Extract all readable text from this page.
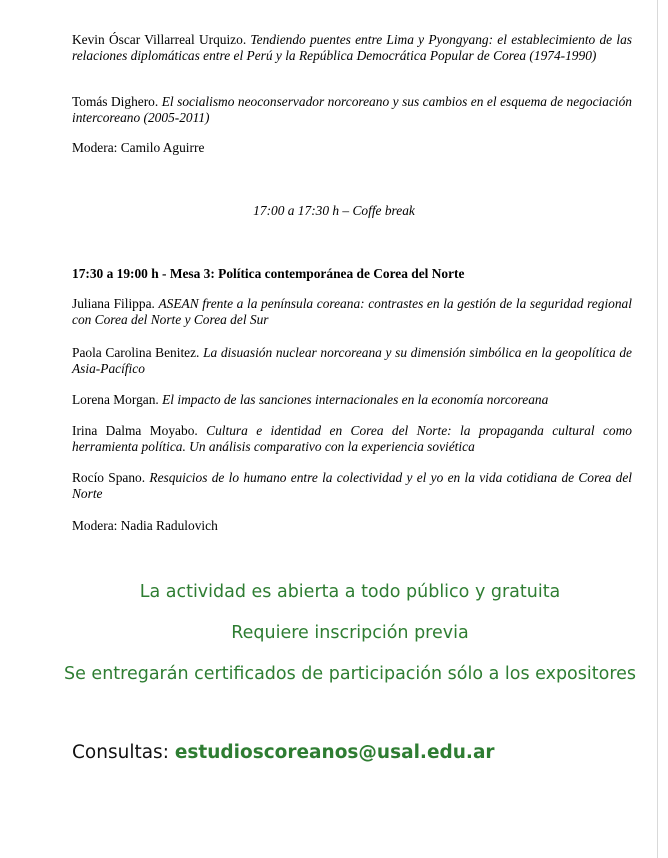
Kevin Óscar Villarreal Urquizo. Tendiendo puentes entre Lima y Pyongyang: el establecimiento de las relaciones diplomáticas entre el Perú y la República Democrática Popular de Corea (1974-1990)
Tomás Dighero. El socialismo neoconservador norcoreano y sus cambios en el esquema de negociación intercoreano (2005-2011)
Modera: Camilo Aguirre
17:00 a 17:30 h – Coffe break
17:30 a 19:00 h - Mesa 3: Política contemporánea de Corea del Norte
Juliana Filippa. ASEAN frente a la península coreana: contrastes en la gestión de la seguridad regional con Corea del Norte y Corea del Sur
Paola Carolina Benitez. La disuasión nuclear norcoreana y su dimensión simbólica en la geopolítica de Asia-Pacífico
Lorena Morgan. El impacto de las sanciones internacionales en la economía norcoreana
Irina Dalma Moyabo. Cultura e identidad en Corea del Norte: la propaganda cultural como herramienta política. Un análisis comparativo con la experiencia soviética
Rocío Spano. Resquicios de lo humano entre la colectividad y el yo en la vida cotidiana de Corea del Norte
Modera: Nadia Radulovich
La actividad es abierta a todo público y gratuita
Requiere inscripción previa
Se entregarán certificados de participación sólo a los expositores
Consultas: estudioscoreanos@usal.edu.ar
